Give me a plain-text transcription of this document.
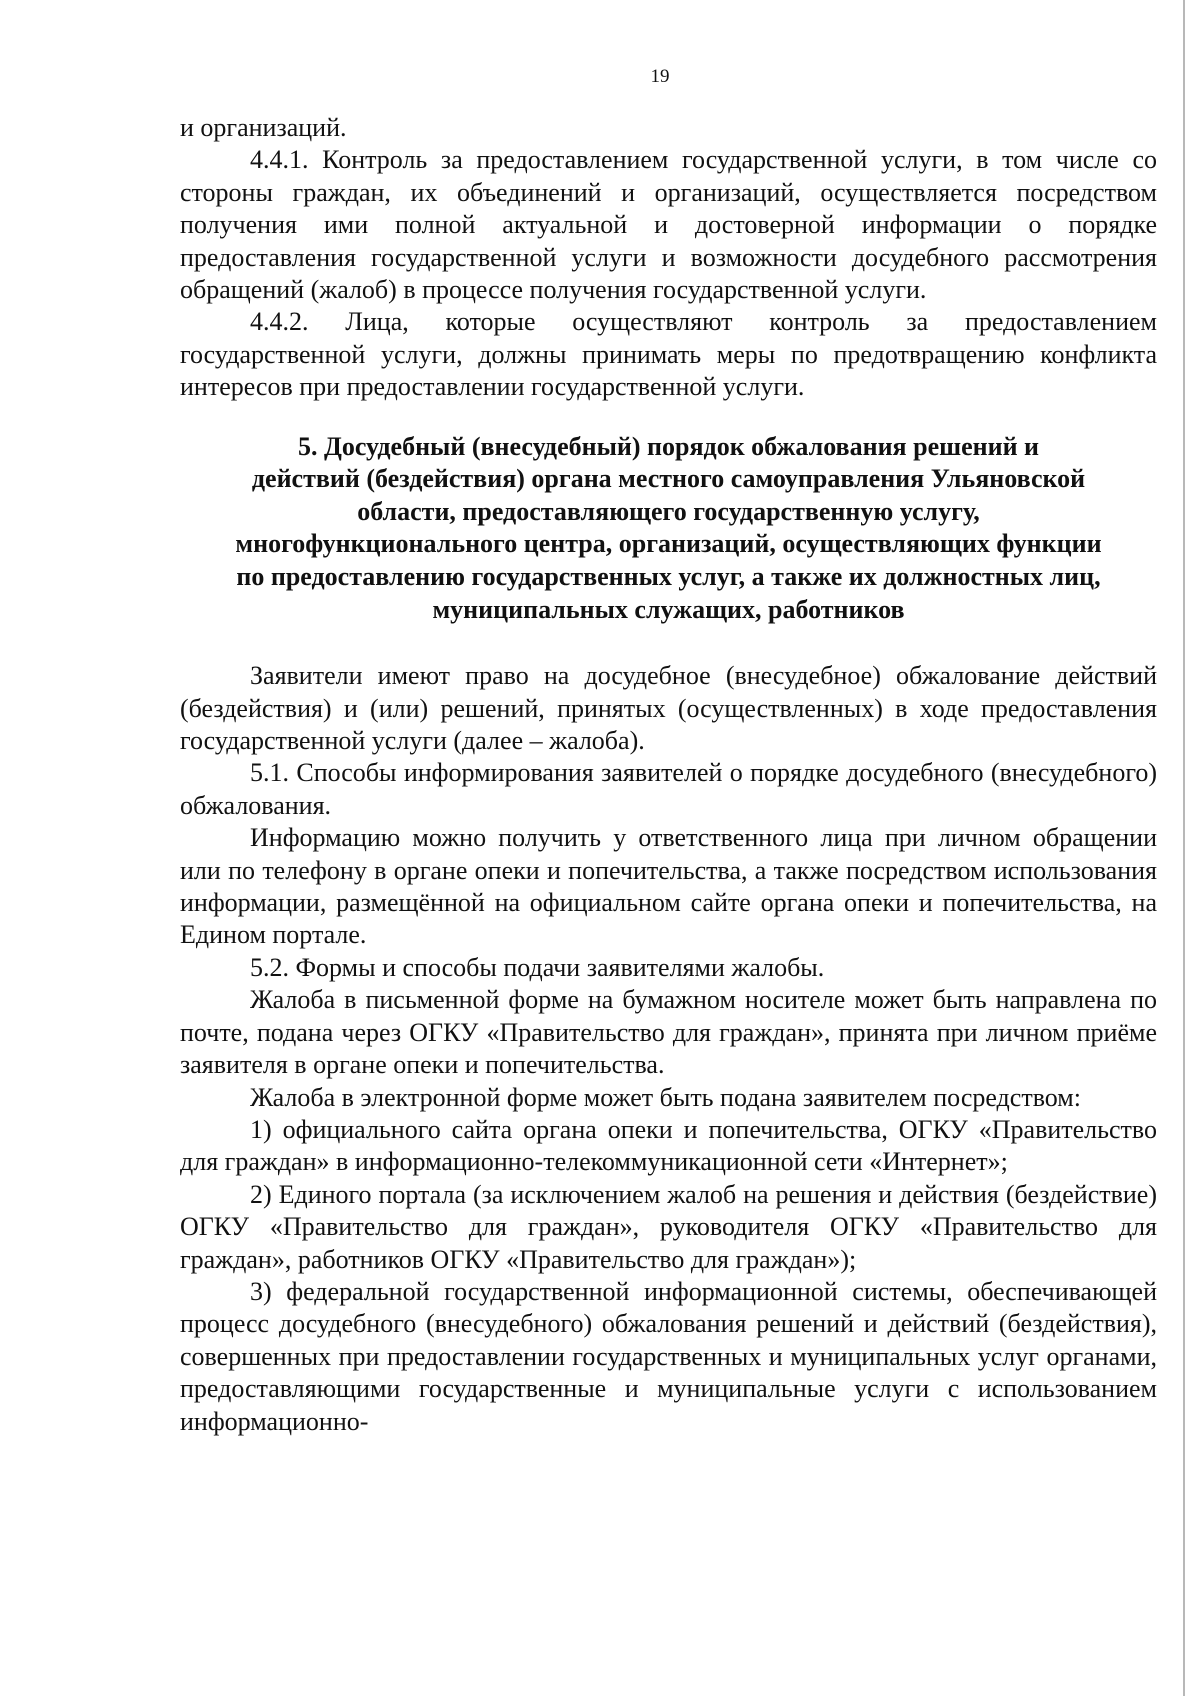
19

и организаций.

4.4.1. Контроль за предоставлением государственной услуги, в том числе со стороны граждан, их объединений и организаций, осуществляется посредством получения ими полной актуальной и достоверной информации о порядке предоставления государственной услуги и возможности досудебного рассмотрения обращений (жалоб) в процессе получения государственной услуги.

4.4.2. Лица, которые осуществляют контроль за предоставлением государственной услуги, должны принимать меры по предотвращению конфликта интересов при предоставлении государственной услуги.

5. Досудебный (внесудебный) порядок обжалования решений и
действий (бездействия) органа местного самоуправления Ульяновской
области, предоставляющего государственную услугу,
многофункционального центра, организаций, осуществляющих функции
по предоставлению государственных услуг, а также их должностных лиц,
муниципальных служащих, работников

Заявители имеют право на досудебное (внесудебное) обжалование действий (бездействия) и (или) решений, принятых (осуществленных) в ходе предоставления государственной услуги (далее – жалоба).

5.1. Способы информирования заявителей о порядке досудебного (внесудебного) обжалования.

Информацию можно получить у ответственного лица при личном обращении или по телефону в органе опеки и попечительства, а также посредством использования информации, размещённой на официальном сайте органа опеки и попечительства, на Едином портале.

5.2. Формы и способы подачи заявителями жалобы.

Жалоба в письменной форме на бумажном носителе может быть направлена по почте, подана через ОГКУ «Правительство для граждан», принята при личном приёме заявителя в органе опеки и попечительства.

Жалоба в электронной форме может быть подана заявителем посредством:

1) официального сайта органа опеки и попечительства, ОГКУ «Правительство для граждан» в информационно-телекоммуникационной сети «Интернет»;

2) Единого портала (за исключением жалоб на решения и действия (бездействие) ОГКУ «Правительство для граждан», руководителя ОГКУ «Правительство для граждан», работников ОГКУ «Правительство для граждан»);

3) федеральной государственной информационной системы, обеспечивающей процесс досудебного (внесудебного) обжалования решений и действий (бездействия), совершенных при предоставлении государственных и муниципальных услуг органами, предоставляющими государственные и муниципальные услуги с использованием информационно-
